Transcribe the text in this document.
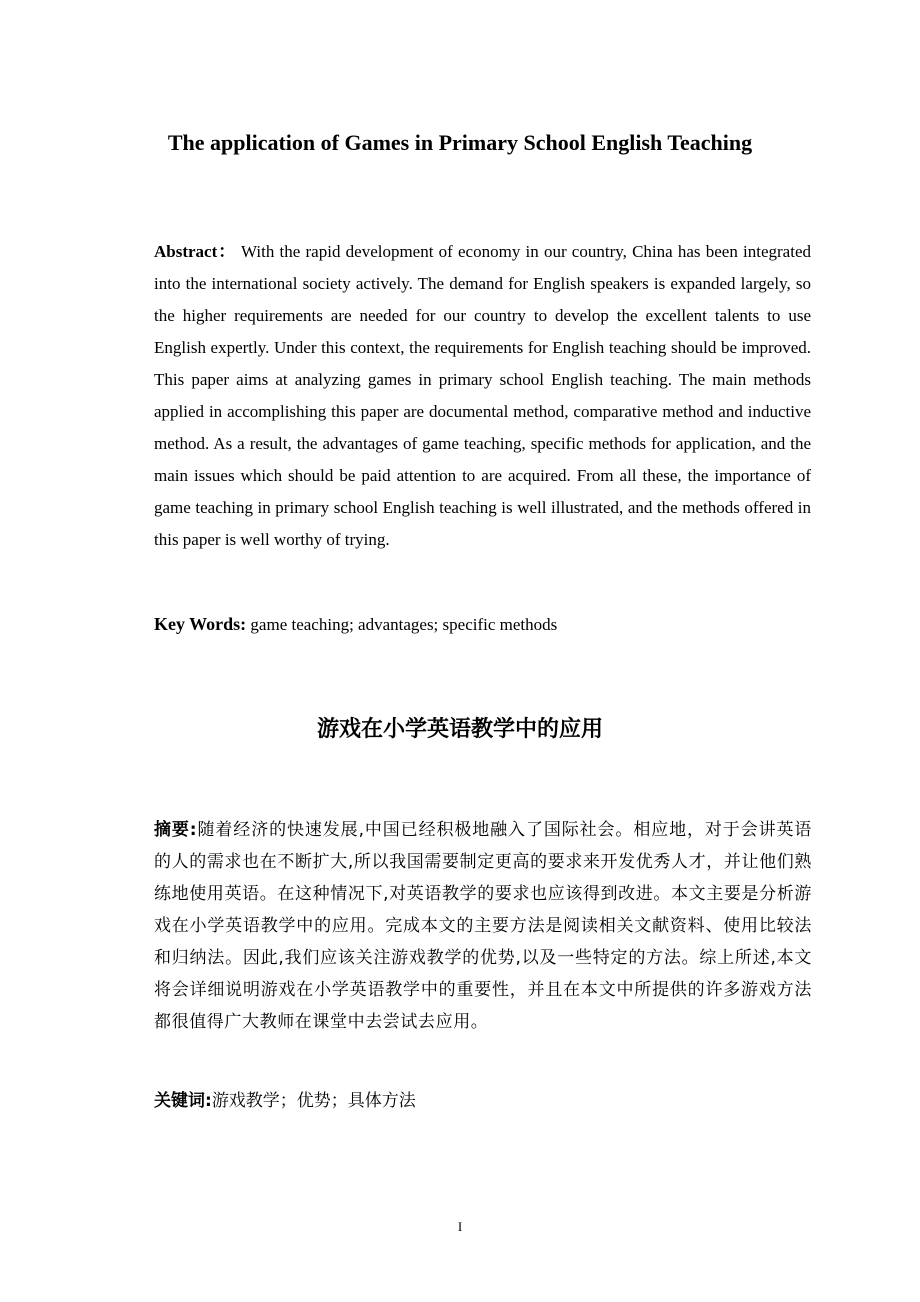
The application of Games in Primary School English Teaching

Abstract： With the rapid development of economy in our country, China has been integrated into the international society actively. The demand for English speakers is expanded largely, so the higher requirements are needed for our country to develop the excellent talents to use English expertly. Under this context, the requirements for English teaching should be improved. This paper aims at analyzing games in primary school English teaching. The main methods applied in accomplishing this paper are documental method, comparative method and inductive method. As a result, the advantages of game teaching, specific methods for application, and the main issues which should be paid attention to are acquired. From all these, the importance of game teaching in primary school English teaching is well illustrated, and the methods offered in this paper is well worthy of trying.

Key Words: game teaching; advantages; specific methods

游戏在小学英语教学中的应用

摘要:随着经济的快速发展,中国已经积极地融入了国际社会。相应地，对于会讲英语的人的需求也在不断扩大,所以我国需要制定更高的要求来开发优秀人才，并让他们熟练地使用英语。在这种情况下,对英语教学的要求也应该得到改进。本文主要是分析游戏在小学英语教学中的应用。完成本文的主要方法是阅读相关文献资料、使用比较法和归纳法。因此,我们应该关注游戏教学的优势,以及一些特定的方法。综上所述,本文将会详细说明游戏在小学英语教学中的重要性，并且在本文中所提供的许多游戏方法都很值得广大教师在课堂中去尝试去应用。

关键词:游戏教学；优势；具体方法

I
